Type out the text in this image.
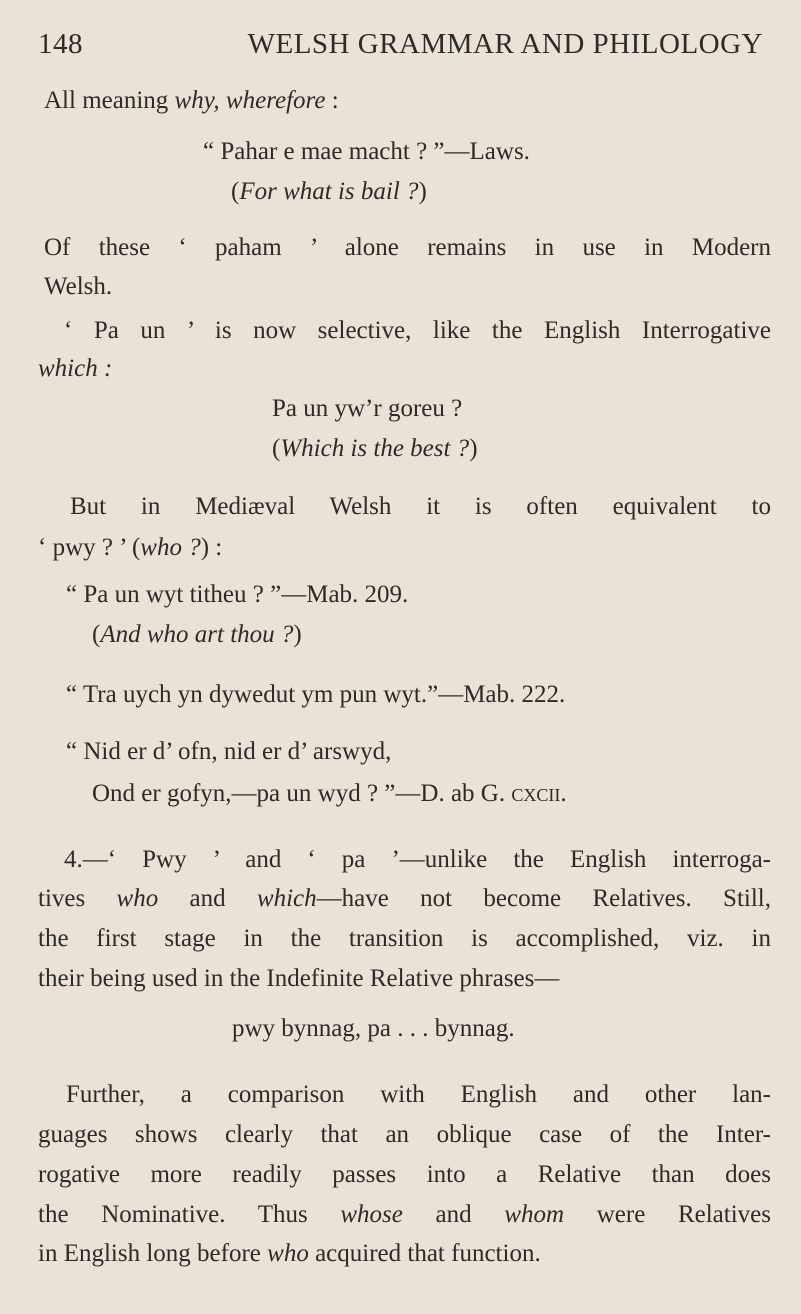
148	WELSH GRAMMAR AND PHILOLOGY
All meaning why, wherefore :
“ Pahar e mae macht ? ”—Laws.
(For what is bail ?)
Of these ‘ paham ’ alone remains in use in Modern
Welsh.
‘ Pa un ’ is now selective, like the English Interrogative
which :
Pa un yw’r goreu ?
(Which is the best ?)
But in Mediæval Welsh it is often equivalent to
‘ pwy ? ’ (who ?) :
“ Pa un wyt titheu ? ”—Mab. 209.
(And who art thou ?)
“ Tra uych yn dywedut ym pun wyt.”—Mab. 222.
“ Nid er d’ ofn, nid er d’ arswyd,
Ond er gofyn,—pa un wyd ? ”—D. ab G. cxcii.
4.—‘ Pwy ’ and ‘ pa ’—unlike the English interroga-
tives who and which—have not become Relatives. Still,
the first stage in the transition is accomplished, viz. in
their being used in the Indefinite Relative phrases—
pwy bynnag, pa . . . bynnag.
Further, a comparison with English and other lan-
guages shows clearly that an oblique case of the Inter-
rogative more readily passes into a Relative than does
the Nominative. Thus whose and whom were Relatives
in English long before who acquired that function.
